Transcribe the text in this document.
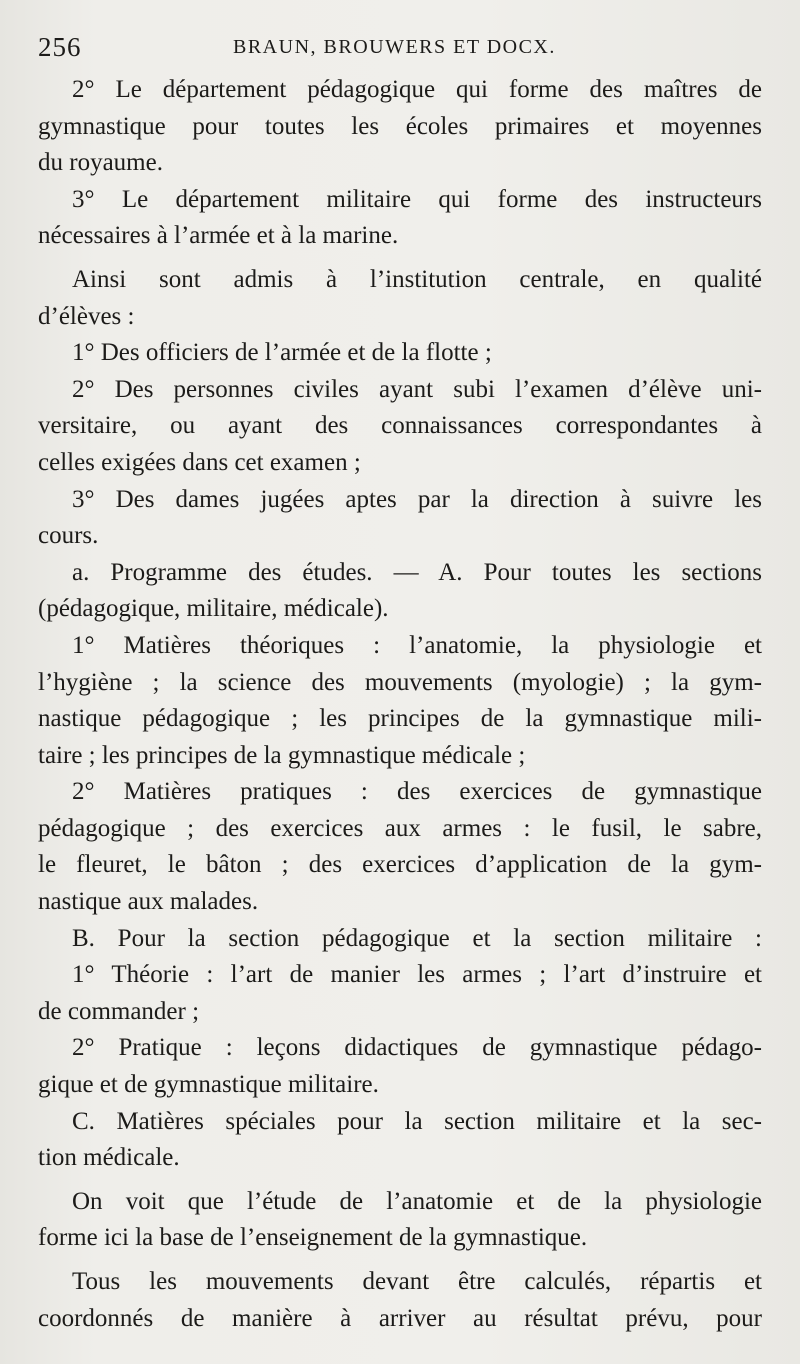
256	BRAUN, BROUWERS ET DOCX.
2° Le département pédagogique qui forme des maîtres de
gymnastique pour toutes les écoles primaires et moyennes
du royaume.
3° Le département militaire qui forme des instructeurs
nécessaires à l’armée et à la marine.
Ainsi sont admis à l’institution centrale, en qualité
d’élèves :
1° Des officiers de l’armée et de la flotte ;
2° Des personnes civiles ayant subi l’examen d’élève uni-
versitaire, ou ayant des connaissances correspondantes à
celles exigées dans cet examen ;
3° Des dames jugées aptes par la direction à suivre les
cours.
a. Programme des études. — A. Pour toutes les sections
(pédagogique, militaire, médicale).
1° Matières théoriques : l’anatomie, la physiologie et
l’hygiène ; la science des mouvements (myologie) ; la gym-
nastique pédagogique ; les principes de la gymnastique mili-
taire ; les principes de la gymnastique médicale ;
2° Matières pratiques : des exercices de gymnastique
pédagogique ; des exercices aux armes : le fusil, le sabre,
le fleuret, le bâton ; des exercices d’application de la gym-
nastique aux malades.
B. Pour la section pédagogique et la section militaire :
1° Théorie : l’art de manier les armes ; l’art d’instruire et
de commander ;
2° Pratique : leçons didactiques de gymnastique pédago-
gique et de gymnastique militaire.
C. Matières spéciales pour la section militaire et la sec-
tion médicale.
On voit que l’étude de l’anatomie et de la physiologie
forme ici la base de l’enseignement de la gymnastique.
Tous les mouvements devant être calculés, répartis et
coordonnés de manière à arriver au résultat prévu, pour
